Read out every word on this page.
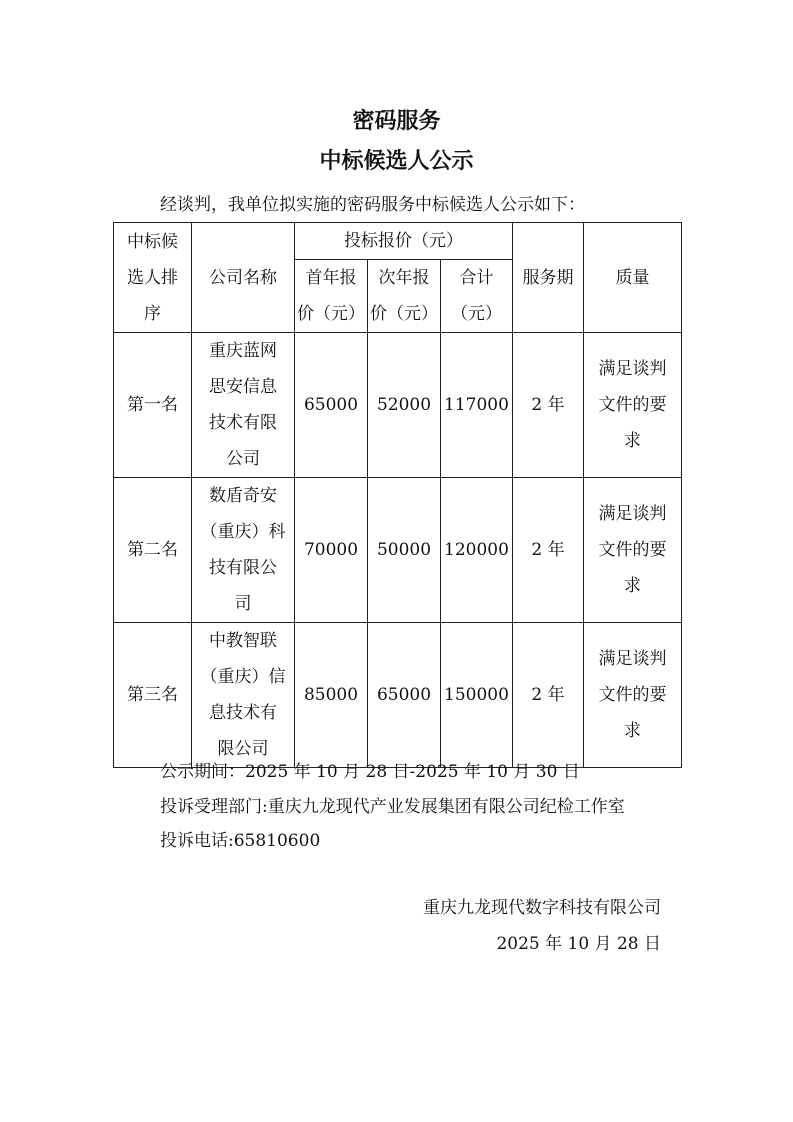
密码服务
中标候选人公示
经谈判，我单位拟实施的密码服务中标候选人公示如下：
中标候
选人排
序	公司名称	投标报价（元）			服务期	质量

		首年报
价（元）	次年报
价（元）	合计
（元）		

第一名	重庆蓝网
思安信息
技术有限
公司	65000	52000	117000	2 年	满足谈判
文件的要
求

第二名	数盾奇安
（重庆）科
技有限公
司	70000	50000	120000	2 年	满足谈判
文件的要
求

第三名	中教智联
（重庆）信
息技术有
限公司	85000	65000	150000	2 年	满足谈判
文件的要
求
公示期间：2025 年 10 月 28 日-2025 年 10 月 30 日
投诉受理部门:重庆九龙现代产业发展集团有限公司纪检工作室
投诉电话:65810600
重庆九龙现代数字科技有限公司
2025 年 10 月 28 日
